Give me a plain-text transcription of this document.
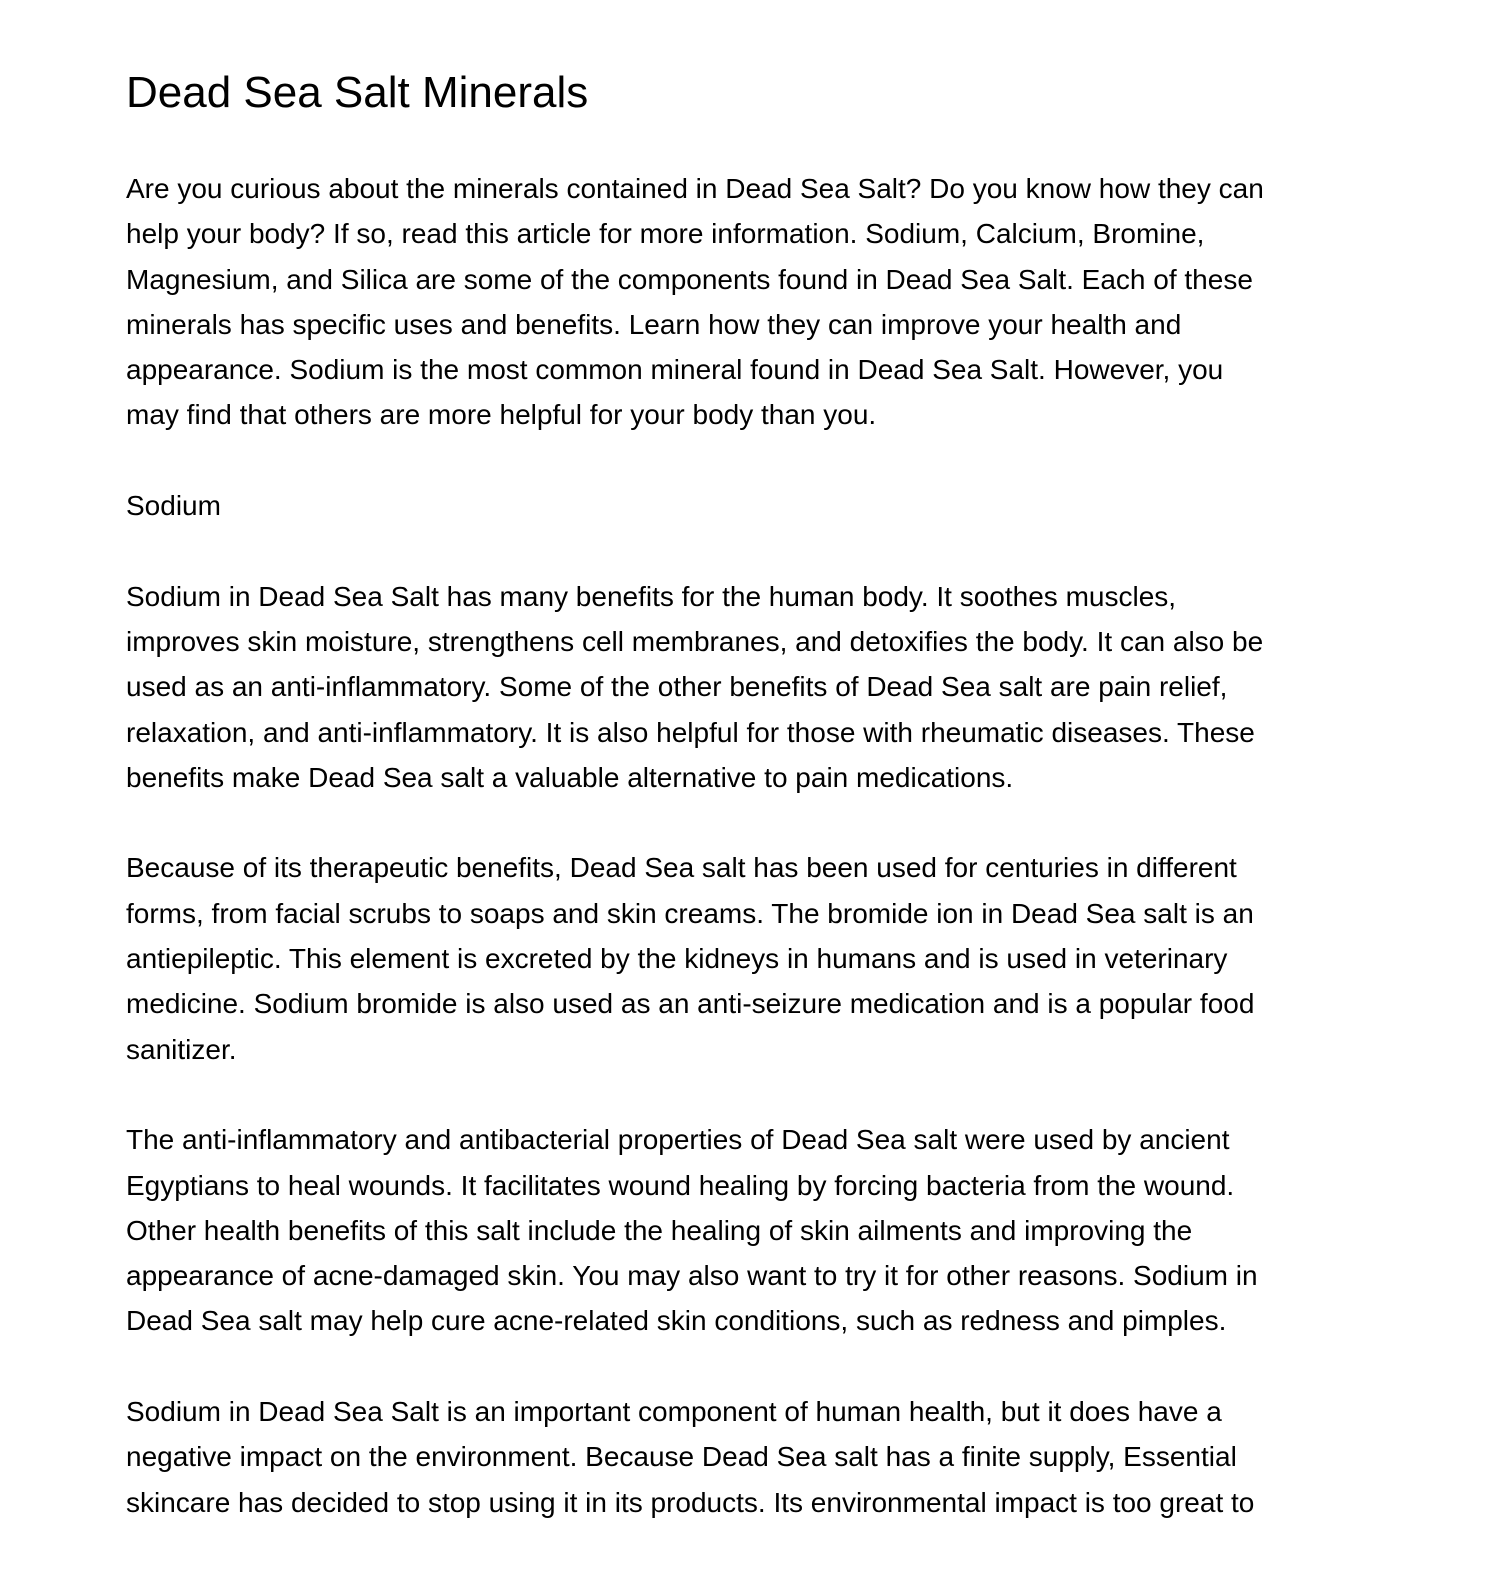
Dead Sea Salt Minerals
Are you curious about the minerals contained in Dead Sea Salt? Do you know how they can
help your body? If so, read this article for more information. Sodium, Calcium, Bromine,
Magnesium, and Silica are some of the components found in Dead Sea Salt. Each of these
minerals has specific uses and benefits. Learn how they can improve your health and
appearance. Sodium is the most common mineral found in Dead Sea Salt. However, you
may find that others are more helpful for your body than you.
Sodium
Sodium in Dead Sea Salt has many benefits for the human body. It soothes muscles,
improves skin moisture, strengthens cell membranes, and detoxifies the body. It can also be
used as an anti-inflammatory. Some of the other benefits of Dead Sea salt are pain relief,
relaxation, and anti-inflammatory. It is also helpful for those with rheumatic diseases. These
benefits make Dead Sea salt a valuable alternative to pain medications.
Because of its therapeutic benefits, Dead Sea salt has been used for centuries in different
forms, from facial scrubs to soaps and skin creams. The bromide ion in Dead Sea salt is an
antiepileptic. This element is excreted by the kidneys in humans and is used in veterinary
medicine. Sodium bromide is also used as an anti-seizure medication and is a popular food
sanitizer.
The anti-inflammatory and antibacterial properties of Dead Sea salt were used by ancient
Egyptians to heal wounds. It facilitates wound healing by forcing bacteria from the wound.
Other health benefits of this salt include the healing of skin ailments and improving the
appearance of acne-damaged skin. You may also want to try it for other reasons. Sodium in
Dead Sea salt may help cure acne-related skin conditions, such as redness and pimples.
Sodium in Dead Sea Salt is an important component of human health, but it does have a
negative impact on the environment. Because Dead Sea salt has a finite supply, Essential
skincare has decided to stop using it in its products. Its environmental impact is too great to
